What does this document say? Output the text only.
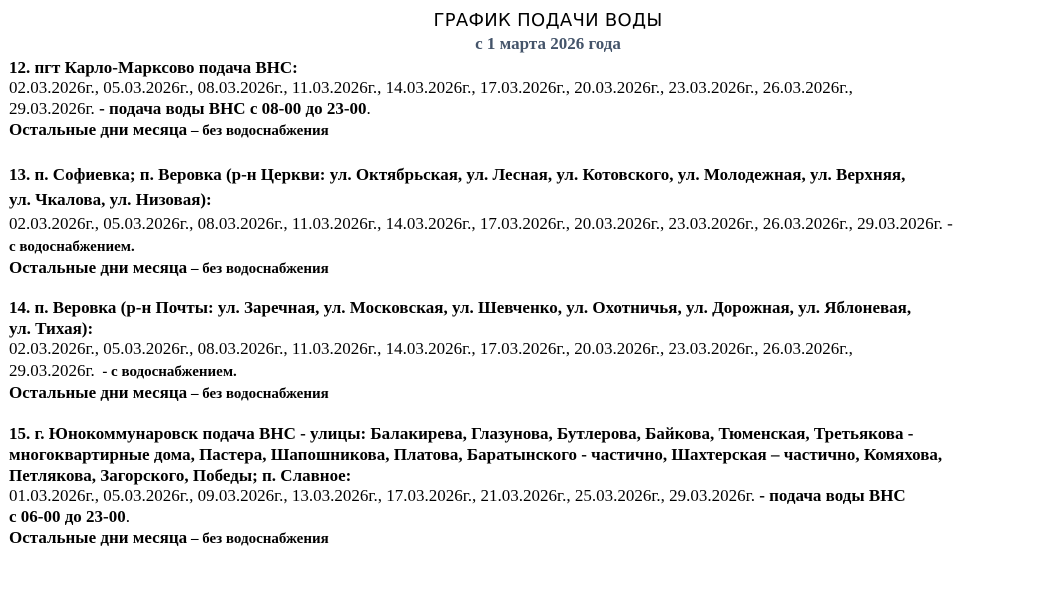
ГРАФИК ПОДАЧИ ВОДЫ
с 1 марта 2026 года
12. пгт Карло-Марксово подача ВНС:
02.03.2026г., 05.03.2026г., 08.03.2026г., 11.03.2026г., 14.03.2026г., 17.03.2026г., 20.03.2026г., 23.03.2026г., 26.03.2026г.,
29.03.2026г. - подача воды ВНС с 08-00 до 23-00.
Остальные дни месяца – без водоснабжения
13. п. Софиевка; п. Веровка (р-н Церкви: ул. Октябрьская, ул. Лесная, ул. Котовского, ул. Молодежная, ул. Верхняя,
ул. Чкалова, ул. Низовая):
02.03.2026г., 05.03.2026г., 08.03.2026г., 11.03.2026г., 14.03.2026г., 17.03.2026г., 20.03.2026г., 23.03.2026г., 26.03.2026г., 29.03.2026г. -
с водоснабжением.
Остальные дни месяца – без водоснабжения
14. п. Веровка (р-н Почты: ул. Заречная, ул. Московская, ул. Шевченко, ул. Охотничья, ул. Дорожная, ул. Яблоневая,
ул. Тихая):
02.03.2026г., 05.03.2026г., 08.03.2026г., 11.03.2026г., 14.03.2026г., 17.03.2026г., 20.03.2026г., 23.03.2026г., 26.03.2026г.,
29.03.2026г.  - с водоснабжением.
Остальные дни месяца – без водоснабжения
15. г. Юнокоммунаровск подача ВНС - улицы: Балакирева, Глазунова, Бутлерова, Байкова, Тюменская, Третьякова -
многоквартирные дома, Пастера, Шапошникова, Платова, Баратынского - частично, Шахтерская – частично, Комяхова,
Петлякова, Загорского, Победы; п. Славное:
01.03.2026г., 05.03.2026г., 09.03.2026г., 13.03.2026г., 17.03.2026г., 21.03.2026г., 25.03.2026г., 29.03.2026г. - подача воды ВНС
с 06-00 до 23-00.
Остальные дни месяца – без водоснабжения
